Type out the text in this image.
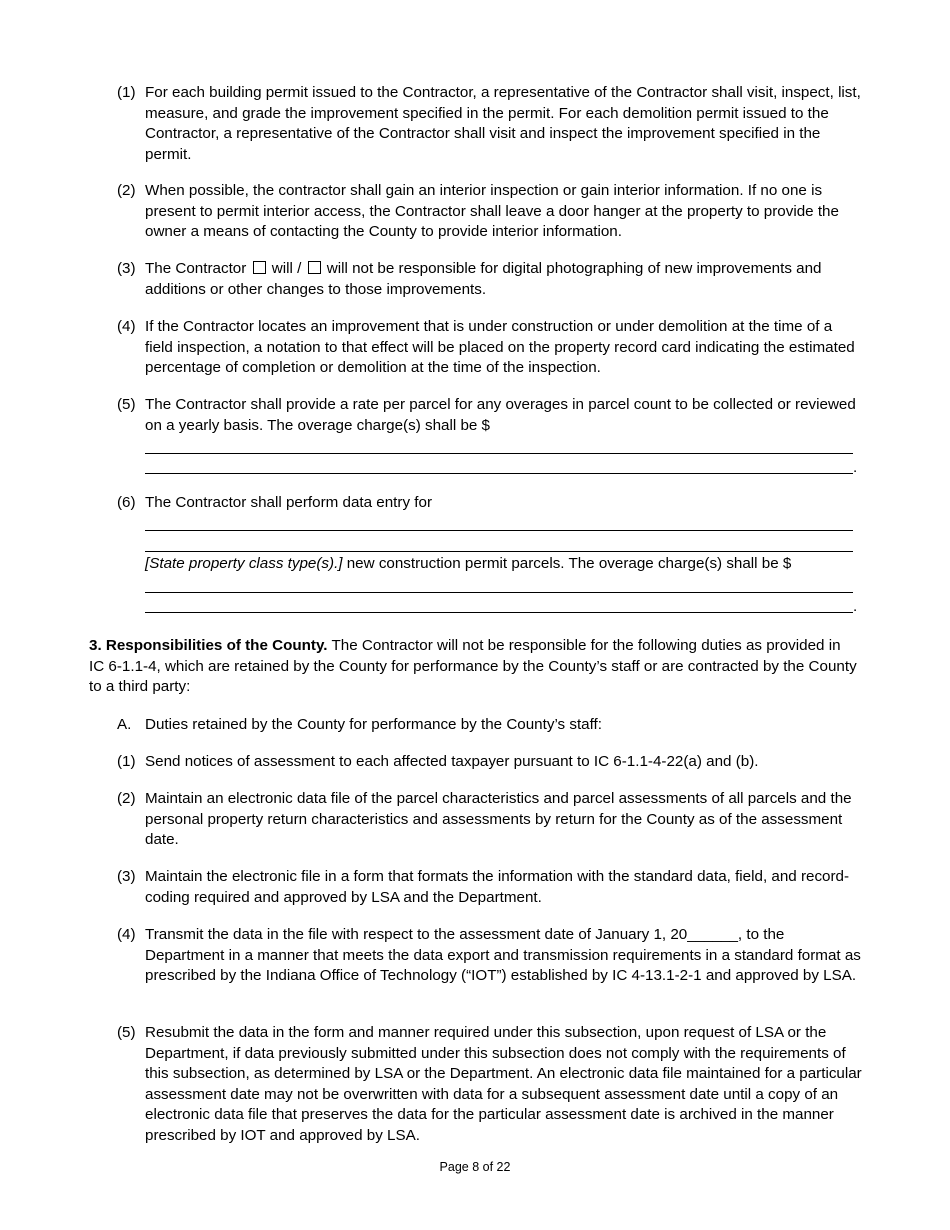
(1) For each building permit issued to the Contractor, a representative of the Contractor shall visit, inspect, list, measure, and grade the improvement specified in the permit. For each demolition permit issued to the Contractor, a representative of the Contractor shall visit and inspect the improvement specified in the permit.
(2) When possible, the contractor shall gain an interior inspection or gain interior information. If no one is present to permit interior access, the Contractor shall leave a door hanger at the property to provide the owner a means of contacting the County to provide interior information.
(3) The Contractor will / will not be responsible for digital photographing of new improvements and additions or other changes to those improvements.
(4) If the Contractor locates an improvement that is under construction or under demolition at the time of a field inspection, a notation to that effect will be placed on the property record card indicating the estimated percentage of completion or demolition at the time of the inspection.
(5) The Contractor shall provide a rate per parcel for any overages in parcel count to be collected or reviewed on a yearly basis. The overage charge(s) shall be $
.
(6) The Contractor shall perform data entry for
[State property class type(s).] new construction permit parcels. The overage charge(s) shall be $
.
3. Responsibilities of the County. The Contractor will not be responsible for the following duties as provided in IC 6-1.1-4, which are retained by the County for performance by the County’s staff or are contracted by the County to a third party:
A. Duties retained by the County for performance by the County’s staff:
(1) Send notices of assessment to each affected taxpayer pursuant to IC 6-1.1-4-22(a) and (b).
(2) Maintain an electronic data file of the parcel characteristics and parcel assessments of all parcels and the personal property return characteristics and assessments by return for the County as of the assessment date.
(3) Maintain the electronic file in a form that formats the information with the standard data, field, and record-coding required and approved by LSA and the Department.
(4) Transmit the data in the file with respect to the assessment date of January 1, 20______, to the Department in a manner that meets the data export and transmission requirements in a standard format as prescribed by the Indiana Office of Technology (“IOT”) established by IC 4-13.1-2-1 and approved by LSA.
(5) Resubmit the data in the form and manner required under this subsection, upon request of LSA or the Department, if data previously submitted under this subsection does not comply with the requirements of this subsection, as determined by LSA or the Department. An electronic data file maintained for a particular assessment date may not be overwritten with data for a subsequent assessment date until a copy of an electronic data file that preserves the data for the particular assessment date is archived in the manner prescribed by IOT and approved by LSA.
Page 8 of 22
